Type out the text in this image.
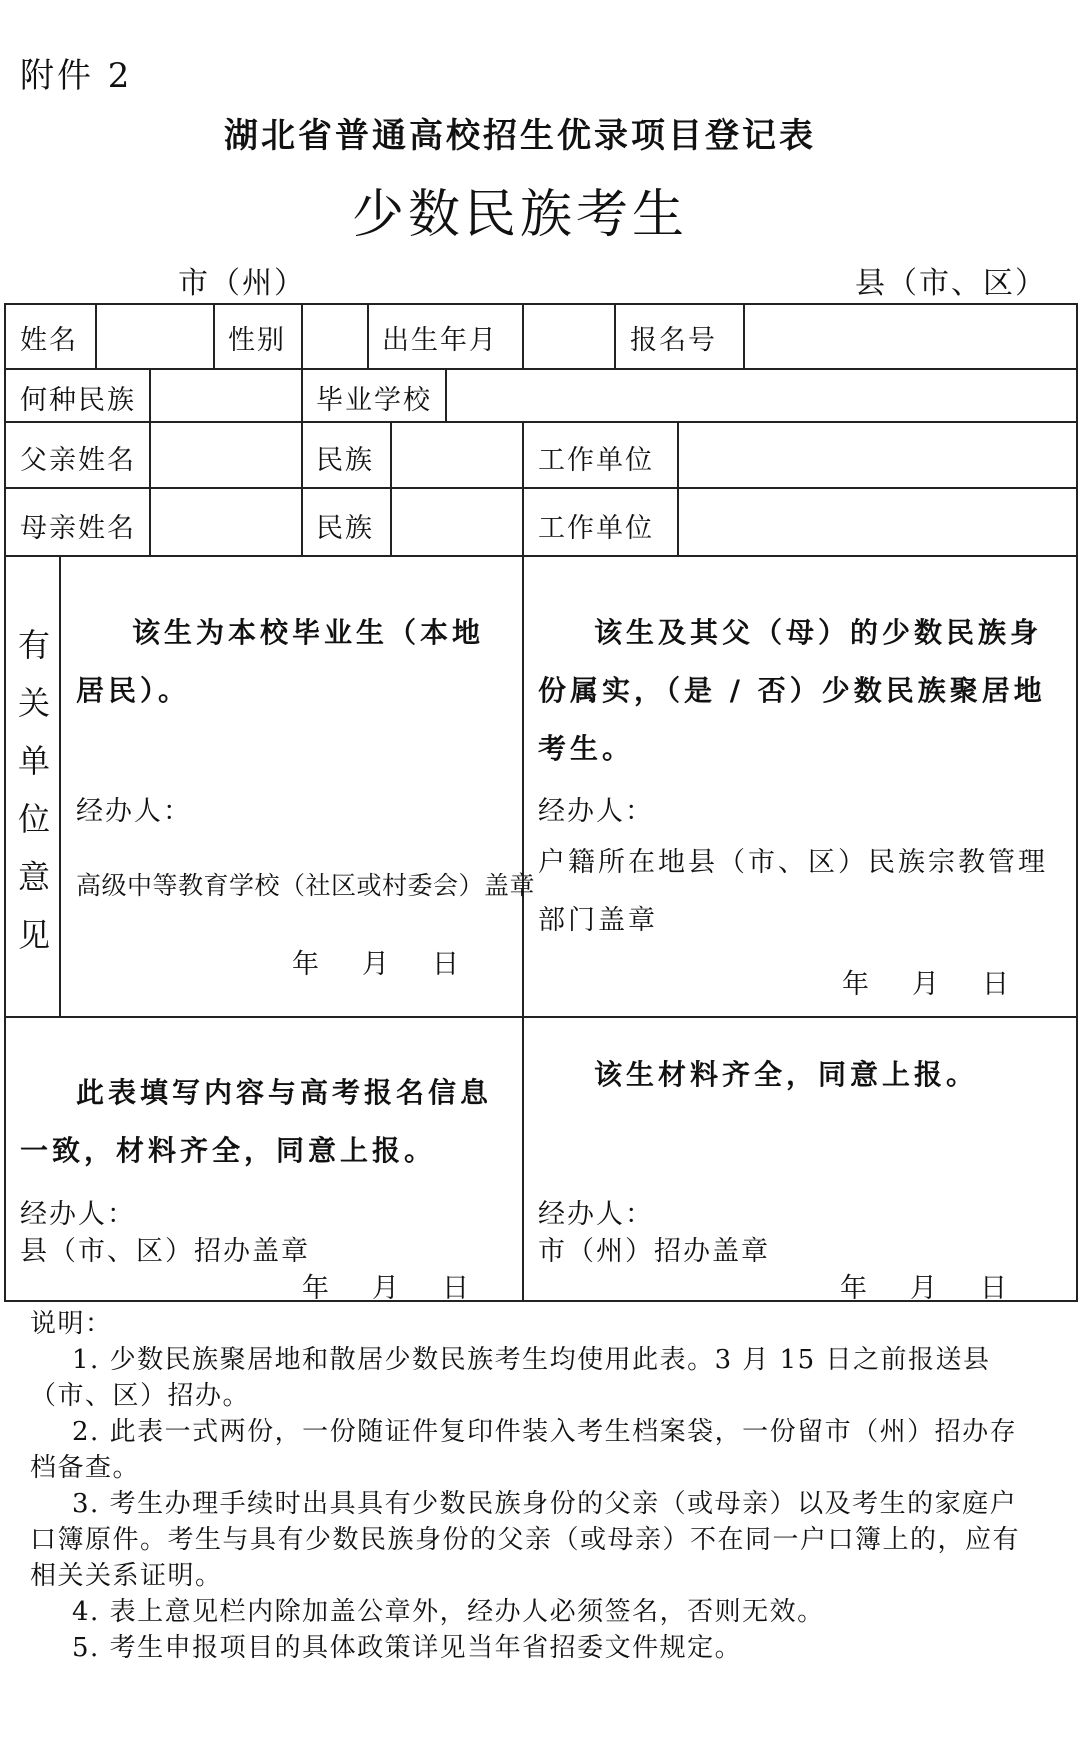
附件 2
湖北省普通高校招生优录项目登记表
少数民族考生
市（州）	县（市、区）
姓名	性别	出生年月	报名号
何种民族	毕业学校
父亲姓名	民族	工作单位
母亲姓名	民族	工作单位
有
关
单
位
意
见
该生为本校毕业生（本地居民）。
经办人：
高级中等教育学校（社区或村委会）盖章
年　月　日
该生及其父（母）的少数民族身份属实，（是 / 否）少数民族聚居地考生。
经办人：
户籍所在地县（市、区）民族宗教管理部门盖章
年　月　日
此表填写内容与高考报名信息一致，材料齐全，同意上报。
经办人：
县（市、区）招办盖章
年　月　日
该生材料齐全，同意上报。
经办人：
市（州）招办盖章
年　月　日

说明：

1. 少数民族聚居地和散居少数民族考生均使用此表。3 月 15 日之前报送县（市、区）招办。

2. 此表一式两份，一份随证件复印件装入考生档案袋，一份留市（州）招办存档备查。

3. 考生办理手续时出具具有少数民族身份的父亲（或母亲）以及考生的家庭户口簿原件。考生与具有少数民族身份的父亲（或母亲）不在同一户口簿上的，应有相关关系证明。

4. 表上意见栏内除加盖公章外，经办人必须签名，否则无效。

5. 考生申报项目的具体政策详见当年省招委文件规定。
